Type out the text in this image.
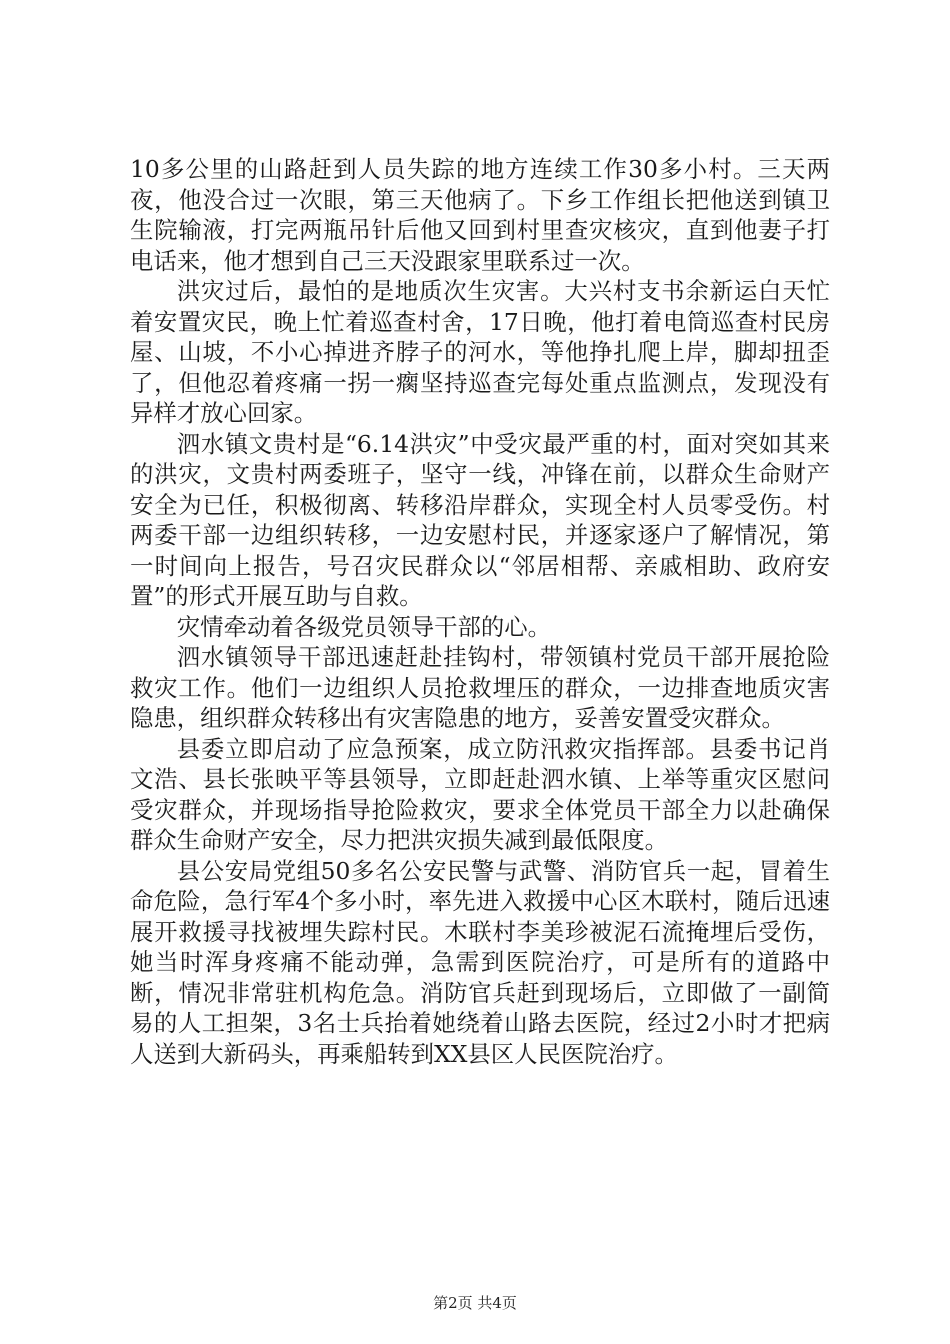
10多公里的山路赶到人员失踪的地方连续工作30多小村。三天两夜，他没合过一次眼，第三天他病了。下乡工作组长把他送到镇卫生院输液，打完两瓶吊针后他又回到村里查灾核灾，直到他妻子打电话来，他才想到自己三天没跟家里联系过一次。

洪灾过后，最怕的是地质次生灾害。大兴村支书余新运白天忙着安置灾民，晚上忙着巡查村舍，17日晚，他打着电筒巡查村民房屋、山坡，不小心掉进齐脖子的河水，等他挣扎爬上岸，脚却扭歪了，但他忍着疼痛一拐一瘸坚持巡查完每处重点监测点，发现没有异样才放心回家。

泗水镇文贵村是“6.14洪灾”中受灾最严重的村，面对突如其来的洪灾，文贵村两委班子，坚守一线，冲锋在前，以群众生命财产安全为已任，积极彻离、转移沿岸群众，实现全村人员零受伤。村两委干部一边组织转移，一边安慰村民，并逐家逐户了解情况，第一时间向上报告，号召灾民群众以“邻居相帮、亲戚相助、政府安置”的形式开展互助与自救。

灾情牵动着各级党员领导干部的心。

泗水镇领导干部迅速赶赴挂钩村，带领镇村党员干部开展抢险救灾工作。他们一边组织人员抢救埋压的群众，一边排查地质灾害隐患，组织群众转移出有灾害隐患的地方，妥善安置受灾群众。

县委立即启动了应急预案，成立防汛救灾指挥部。县委书记肖文浩、县长张映平等县领导，立即赶赴泗水镇、上举等重灾区慰问受灾群众，并现场指导抢险救灾，要求全体党员干部全力以赴确保群众生命财产安全，尽力把洪灾损失减到最低限度。

县公安局党组50多名公安民警与武警、消防官兵一起，冒着生命危险，急行军4个多小时，率先进入救援中心区木联村，随后迅速展开救援寻找被埋失踪村民。木联村李美珍被泥石流掩埋后受伤，她当时浑身疼痛不能动弹，急需到医院治疗，可是所有的道路中断，情况非常驻机构危急。消防官兵赶到现场后，立即做了一副简易的人工担架，3名士兵抬着她绕着山路去医院，经过2小时才把病人送到大新码头，再乘船转到XX县区人民医院治疗。

第2页 共4页
